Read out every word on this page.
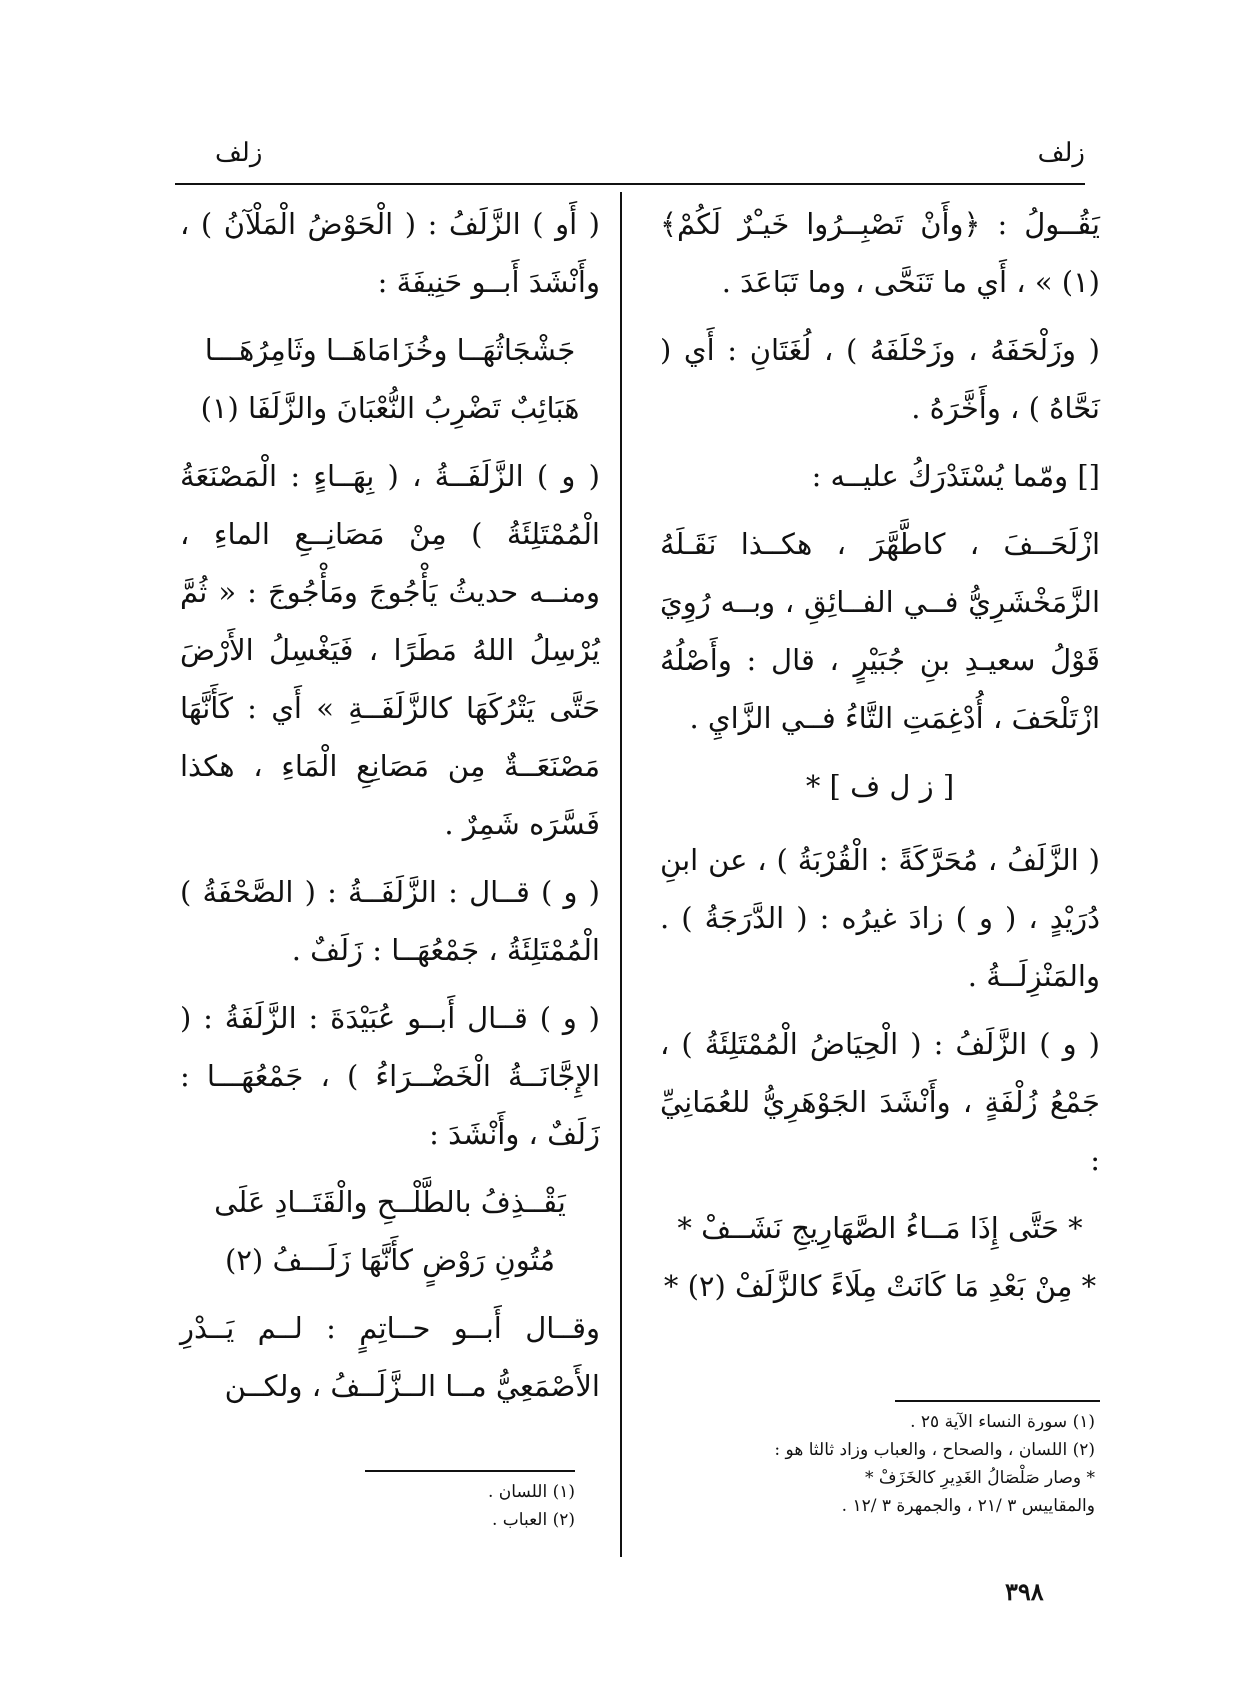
زلف
زلف

يَقُــولُ : ﴿وأَنْ تَصْبِــرُوا خَيـْرٌ لَكُمْ﴾ (١) » ، أَي ما تَنَحَّى ، وما تَبَاعَدَ .

( وزَلْحَفَهُ ، وزَحْلَفَهُ ) ، لُغَتَانِ : أَي ( نَحَّاهُ ) ، وأَخَّرَهُ .

[] ومّما يُسْتَدْرَكُ عليــه :

ازْلَحَــفَ ، كاطَّهَّرَ ، هكــذا نَقَـلَهُ الزَّمَخْشَرِيُّ فــي الفــائِقِ ، وبــه رُوِيَ قَوْلُ سعيـدِ بنِ جُبَيْرٍ ، قال : وأَصْلُهُ ازْتَلْحَفَ ، أُدْغِمَتِ التَّاءُ فــي الزَّايِ .

[ ز ل ف ] *

( الزَّلَفُ ، مُحَرَّكَةً : الْقُرْبَةُ ) ، عن ابنِ دُرَيْدٍ ، ( و ) زادَ غيرُه : ( الدَّرَجَةُ ) . والمَنْزِلَــةُ .

( و ) الزَّلَفُ : ( الْحِيَاضُ الْمُمْتَلِئَةُ ) ، جَمْعُ زُلْفَةٍ ، وأَنْشَدَ الجَوْهَرِيُّ للعُمَانِيِّ :

* حَتَّى إِذَا مَــاءُ الصَّهَارِيجِ نَشَــفْ *
* مِنْ بَعْدِ مَا كَانَتْ مِلَاءً كالزَّلَفْ (٢) *

( أَو ) الزَّلَفُ : ( الْحَوْضُ الْمَلْآنُ ) ، وأَنْشَدَ أَبــو حَنِيفَةَ :

جَشْجَاثُهَــا وخُزَامَاهَــا وثَامِرُهَـــا
هَبَائِبٌ تَضْرِبُ النُّعْبَانَ والزَّلَفَا (١)

( و ) الزَّلَفَــةُ ، ( بِهَــاءٍ : الْمَصْنَعَةُ الْمُمْتَلِئَةُ ) مِنْ مَصَانِــعِ الماءِ ، ومنــه حديثُ يَأْجُوجَ ومَأْجُوجَ : « ثُمَّ يُرْسِلُ اللهُ مَطَرًا ، فَيَغْسِلُ الأَرْضَ حَتَّى يَتْرُكَهَا كالزَّلَفَــةِ » أَي : كَأَنَّهَا مَصْنَعَــةٌ مِن مَصَانِعِ الْمَاءِ ، هكذا فَسَّرَه شَمِرٌ .

( و ) قــال : الزَّلَفَــةُ : ( الصَّحْفَةُ ) الْمُمْتَلِئَةُ ، جَمْعُهَــا : زَلَفٌ .

( و ) قــال أَبــو عُبَيْدَةَ : الزَّلَفَةُ : ( الإِجَّانَــةُ الْخَضْــرَاءُ ) ، جَمْعُهَـــا : زَلَفٌ ، وأَنْشَدَ :

يَقْــذِفُ بالطَّلْــحِ والْقَتَــادِ عَلَى
مُتُونِ رَوْضٍ كأَنَّهَا زَلَـــفُ (٢)

وقــال أَبــو حــاتِمٍ : لــم يَــدْرِ الأَصْمَعِيُّ مــا الــزَّلَــفُ ، ولكــن

(١) سورة النساء الآية ٢٥ .
(٢) اللسان ، والصحاح ، والعباب وزاد ثالثا هو :
* وصار صَلْصَالُ الغَدِيرِ كالخَزَفْ *
والمقاييس ٣ /٢١ ، والجمهرة ٣ /١٢ .
(١) اللسان .
(٢) العباب .
٣٩٨
